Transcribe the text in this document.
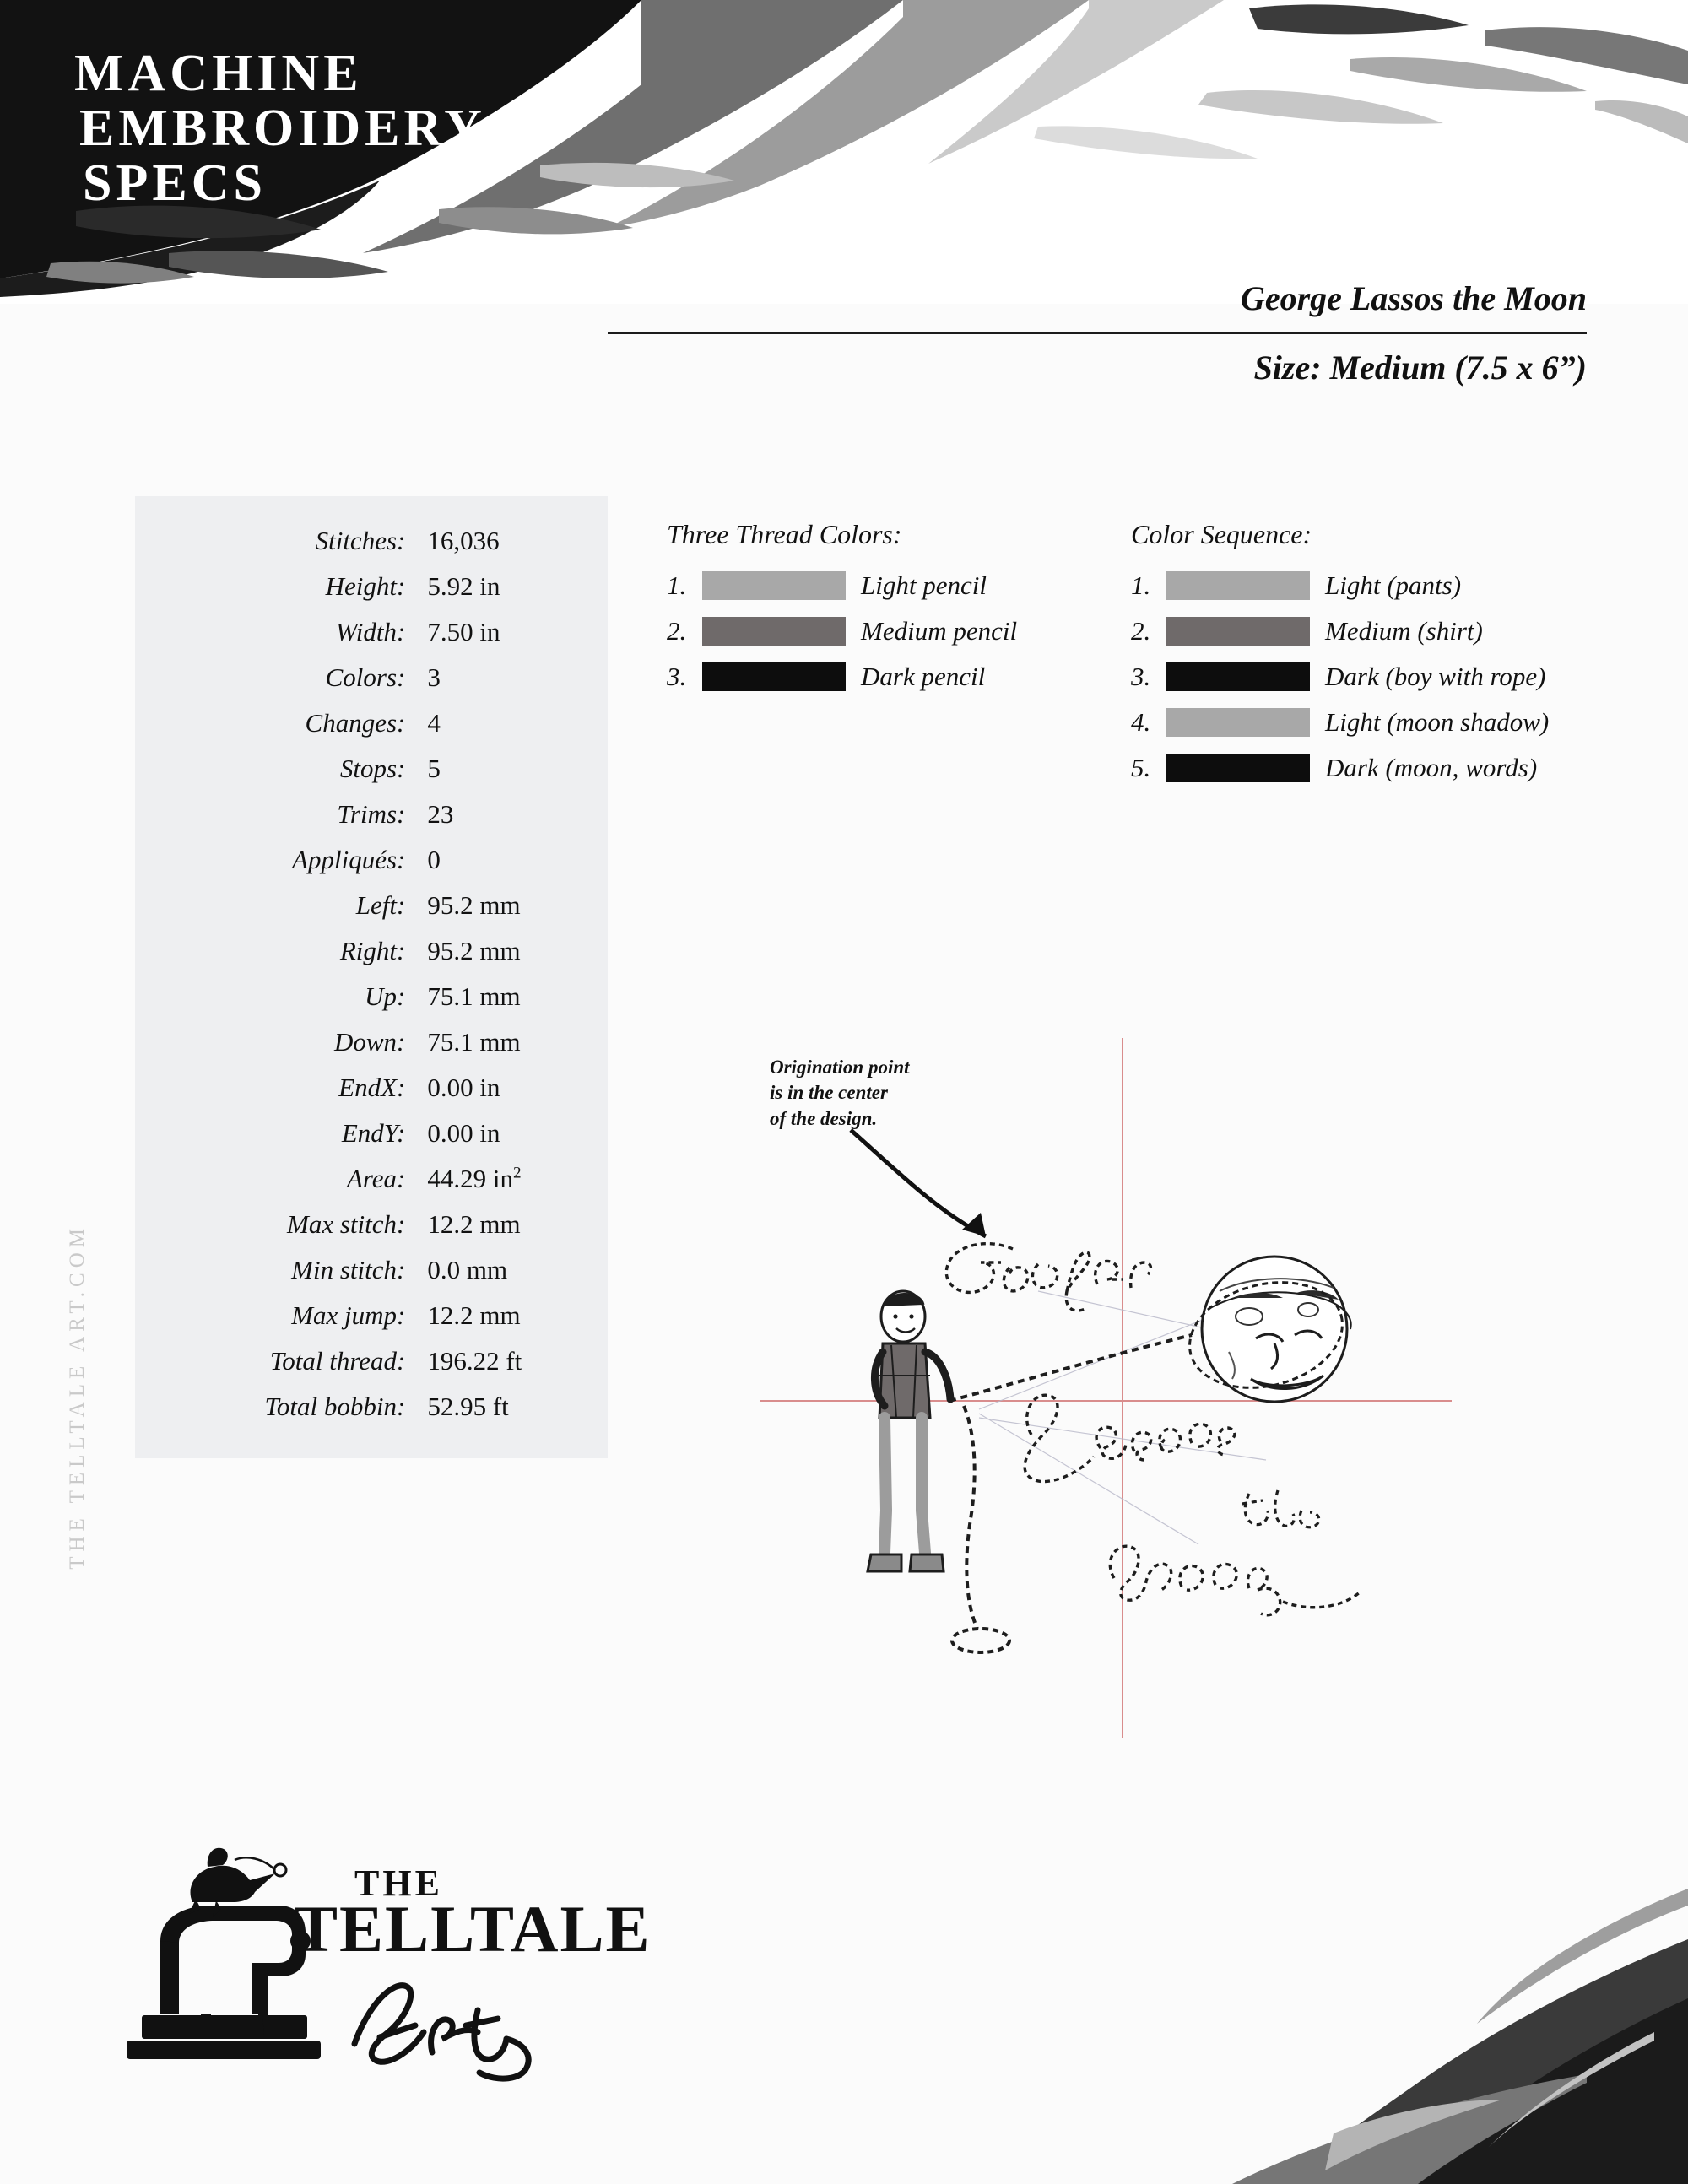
MACHINE
EMBROIDERY
SPECS

George Lassos the Moon

Size: Medium (7.5 x 6”)

Stitches:	16,036
Height:	5.92 in
Width:	7.50 in
Colors:	3
Changes:	4
Stops:	5
Trims:	23
Appliqués:	0
Left:	95.2 mm
Right:	95.2 mm
Up:	75.1 mm
Down:	75.1 mm
EndX:	0.00 in
EndY:	0.00 in
Area:	44.29 $in^2$
Max stitch:	12.2 mm
Min stitch:	0.0 mm
Max jump:	12.2 mm
Total thread:	196.22 ft
Total bobbin:	52.95 ft
Three Thread Colors:
1.	Light pencil
2.	Medium pencil
3.	Dark pencil
Color Sequence:
1.	Light (pants)
2.	Medium (shirt)
3.	Dark (boy with rope)
4.	Light (moon shadow)
5.	Dark (moon, words)
Origination point
is in the center
of the design.
THE TELLTALE ART.COM
THE
TELLTALE
